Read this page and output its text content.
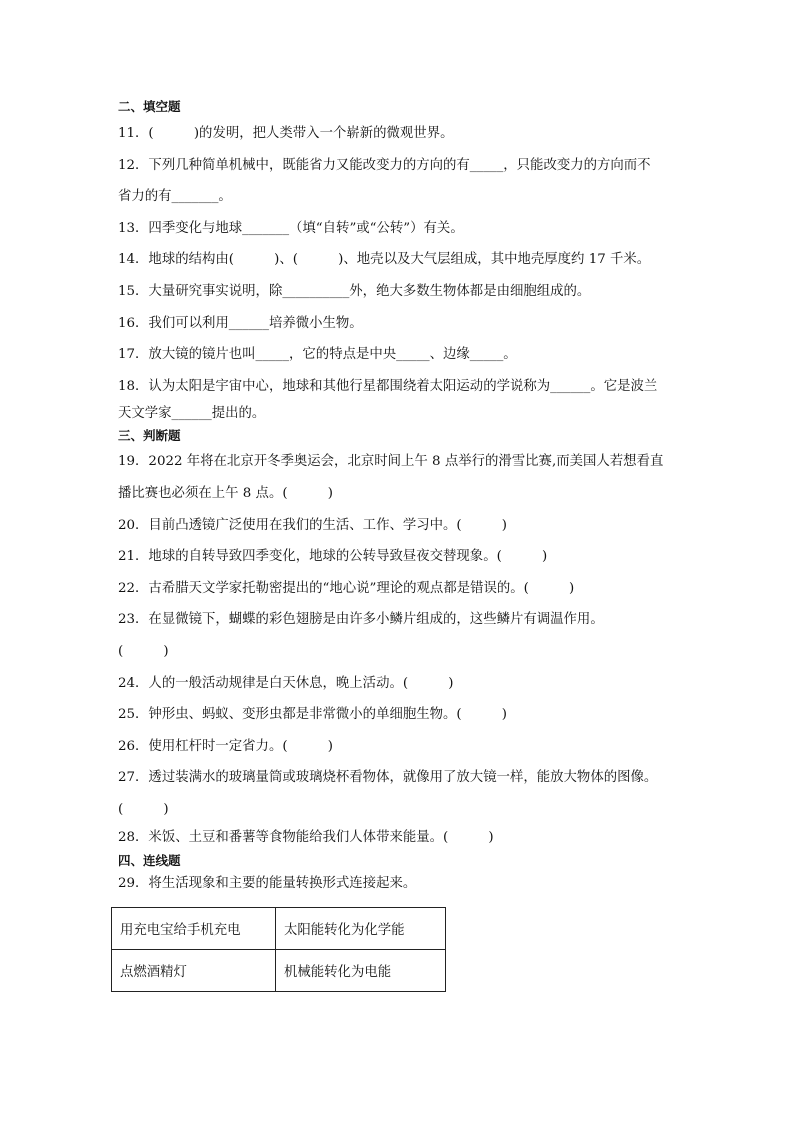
二、填空题
11．(　　　)的发明，把人类带入一个崭新的微观世界。
12．下列几种简单机械中，既能省力又能改变力的方向的有_____，只能改变力的方向而不
省力的有_______。
13．四季变化与地球_______（填“自转”或“公转”）有关。
14．地球的结构由(　　　)、(　　　)、地壳以及大气层组成，其中地壳厚度约 17 千米。
15．大量研究事实说明，除__________外，绝大多数生物体都是由细胞组成的。
16．我们可以利用______培养微小生物。
17．放大镜的镜片也叫_____，它的特点是中央_____、边缘_____。
18．认为太阳是宇宙中心，地球和其他行星都围绕着太阳运动的学说称为______。它是波兰
天文学家______提出的。
三、判断题
19．2022 年将在北京开冬季奥运会，北京时间上午 8 点举行的滑雪比赛,而美国人若想看直
播比赛也必须在上午 8 点。(　　　)
20．目前凸透镜广泛使用在我们的生活、工作、学习中。(　　　)
21．地球的自转导致四季变化，地球的公转导致昼夜交替现象。(　　　)
22．古希腊天文学家托勒密提出的“地心说”理论的观点都是错误的。(　　　)
23．在显微镜下，蝴蝶的彩色翅膀是由许多小鳞片组成的，这些鳞片有调温作用。
(　　　)
24．人的一般活动规律是白天休息，晚上活动。(　　　)
25．钟形虫、蚂蚁、变形虫都是非常微小的单细胞生物。(　　　)
26．使用杠杆时一定省力。(　　　)
27．透过装满水的玻璃量筒或玻璃烧杯看物体，就像用了放大镜一样，能放大物体的图像。
(　　　)
28．米饭、土豆和番薯等食物能给我们人体带来能量。(　　　)
四、连线题
29．将生活现象和主要的能量转换形式连接起来。
用充电宝给手机充电	太阳能转化为化学能
点燃酒精灯	机械能转化为电能
